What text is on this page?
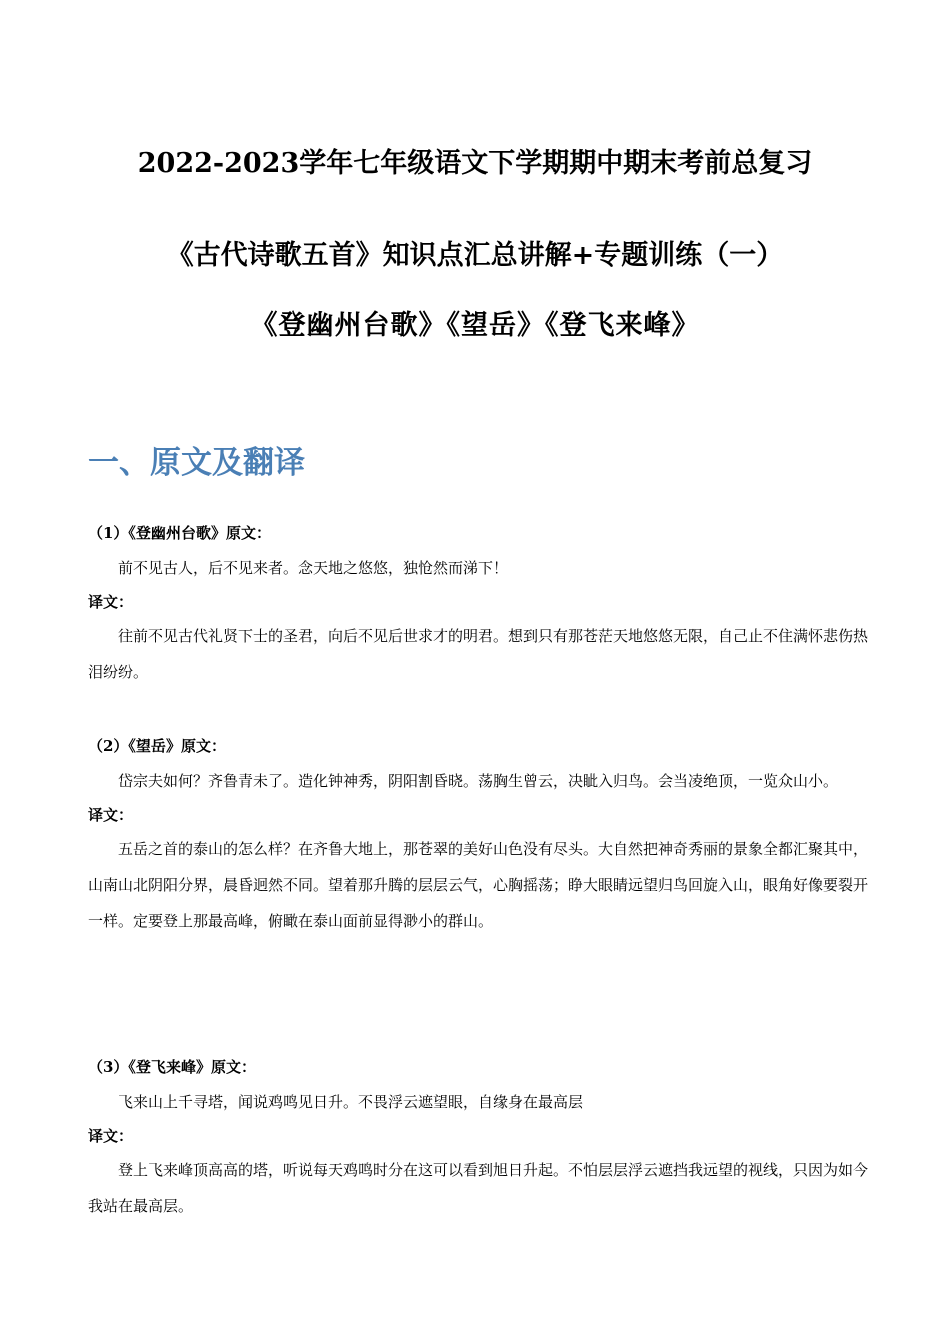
2022-2023学年七年级语文下学期期中期末考前总复习
《古代诗歌五首》知识点汇总讲解+专题训练（一）
《登幽州台歌》《望岳》《登飞来峰》
一、原文及翻译

（1）《登幽州台歌》原文：

前不见古人，后不见来者。念天地之悠悠，独怆然而涕下！

译文：

往前不见古代礼贤下士的圣君，向后不见后世求才的明君。想到只有那苍茫天地悠悠无限，自己止不住满怀悲伤热泪纷纷。

（2）《望岳》原文：

岱宗夫如何？齐鲁青未了。造化钟神秀，阴阳割昏晓。荡胸生曾云，决眦入归鸟。会当凌绝顶，一览众山小。

译文：

五岳之首的泰山的怎么样？在齐鲁大地上，那苍翠的美好山色没有尽头。大自然把神奇秀丽的景象全都汇聚其中，山南山北阴阳分界，晨昏迥然不同。望着那升腾的层层云气，心胸摇荡；睁大眼睛远望归鸟回旋入山，眼角好像要裂开一样。定要登上那最高峰，俯瞰在泰山面前显得渺小的群山。

（3）《登飞来峰》原文：

飞来山上千寻塔，闻说鸡鸣见日升。不畏浮云遮望眼，自缘身在最高层

译文：

登上飞来峰顶高高的塔，听说每天鸡鸣时分在这可以看到旭日升起。不怕层层浮云遮挡我远望的视线，只因为如今我站在最高层。
